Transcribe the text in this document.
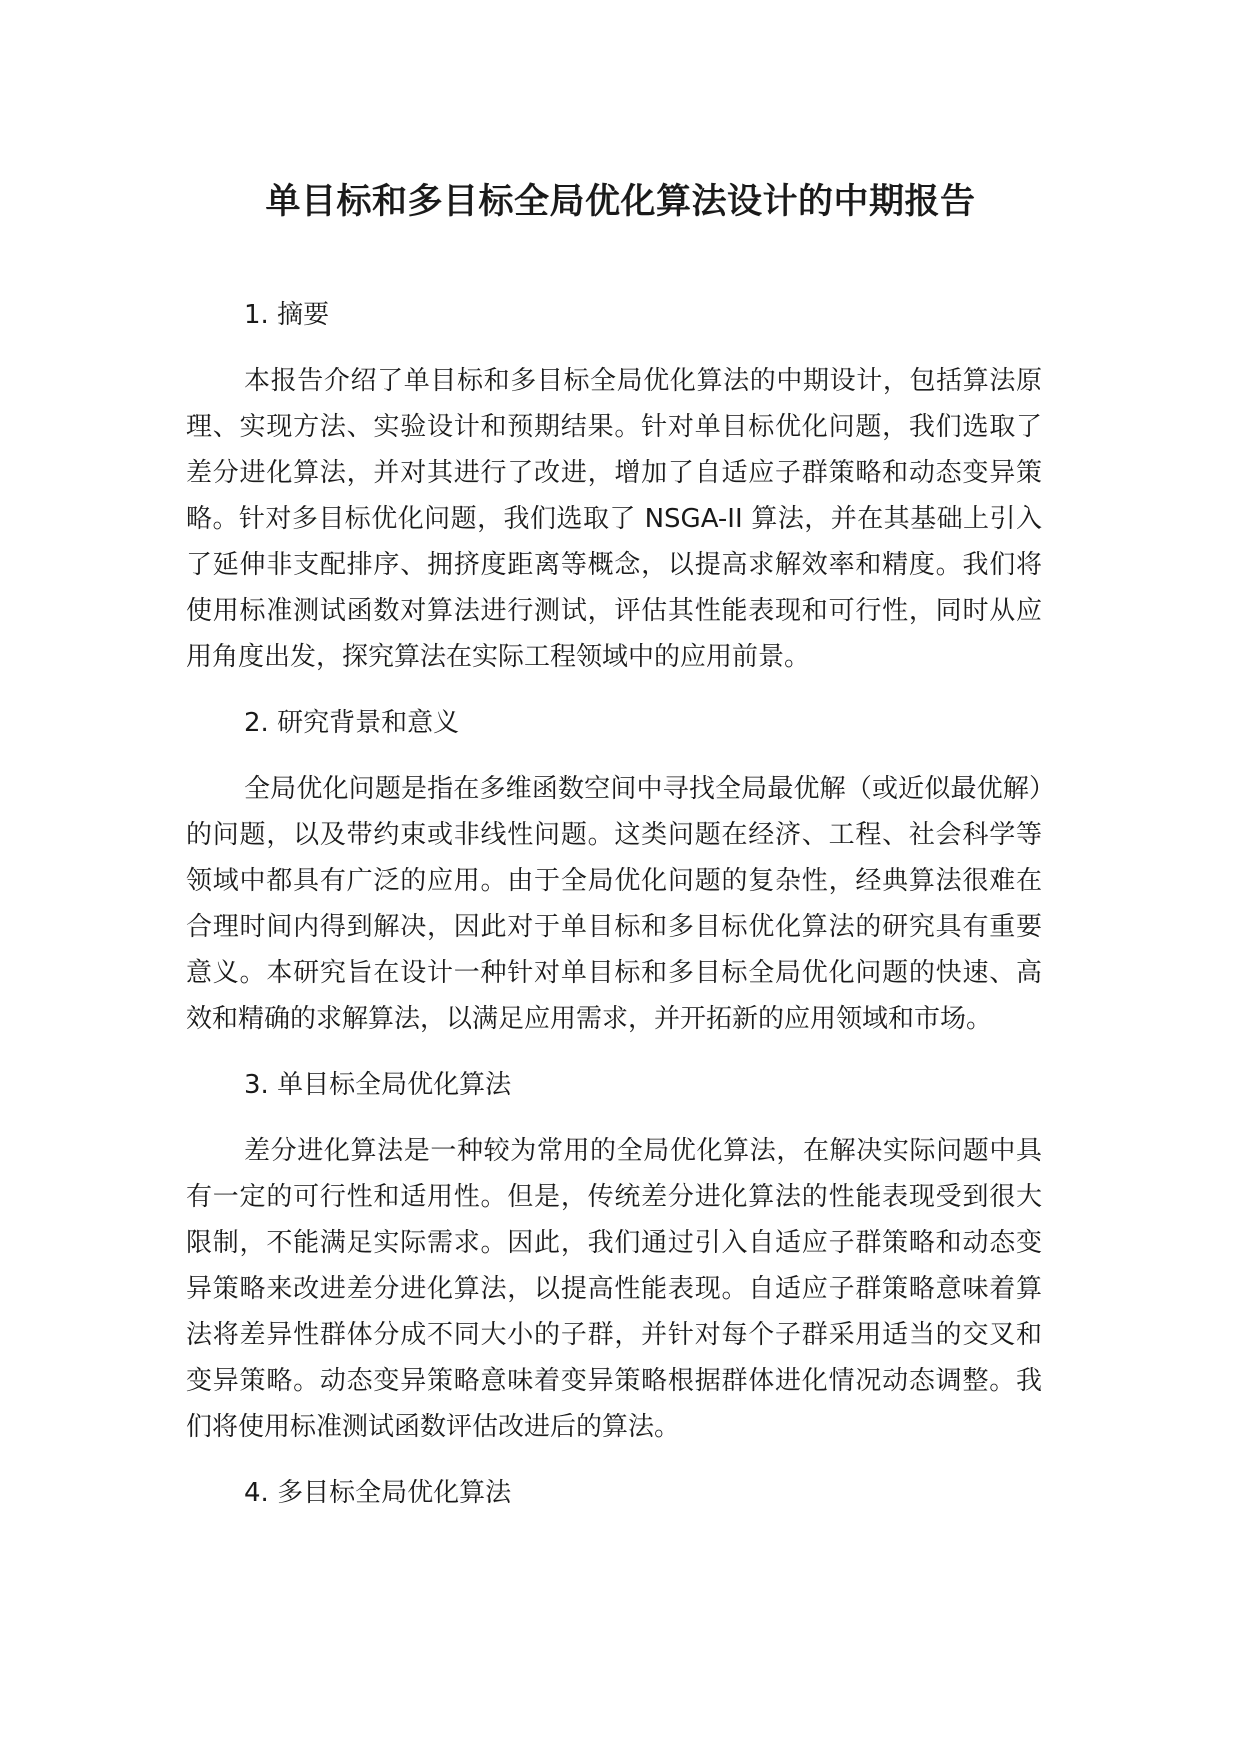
单目标和多目标全局优化算法设计的中期报告

1. 摘要

本报告介绍了单目标和多目标全局优化算法的中期设计，包括算法原理、实现方法、实验设计和预期结果。针对单目标优化问题，我们选取了差分进化算法，并对其进行了改进，增加了自适应子群策略和动态变异策略。针对多目标优化问题，我们选取了 NSGA-II 算法，并在其基础上引入了延伸非支配排序、拥挤度距离等概念，以提高求解效率和精度。我们将使用标准测试函数对算法进行测试，评估其性能表现和可行性，同时从应用角度出发，探究算法在实际工程领域中的应用前景。

2. 研究背景和意义

全局优化问题是指在多维函数空间中寻找全局最优解（或近似最优解）的问题，以及带约束或非线性问题。这类问题在经济、工程、社会科学等领域中都具有广泛的应用。由于全局优化问题的复杂性，经典算法很难在合理时间内得到解决，因此对于单目标和多目标优化算法的研究具有重要意义。本研究旨在设计一种针对单目标和多目标全局优化问题的快速、高效和精确的求解算法，以满足应用需求，并开拓新的应用领域和市场。

3. 单目标全局优化算法

差分进化算法是一种较为常用的全局优化算法，在解决实际问题中具有一定的可行性和适用性。但是，传统差分进化算法的性能表现受到很大限制，不能满足实际需求。因此，我们通过引入自适应子群策略和动态变异策略来改进差分进化算法，以提高性能表现。自适应子群策略意味着算法将差异性群体分成不同大小的子群，并针对每个子群采用适当的交叉和变异策略。动态变异策略意味着变异策略根据群体进化情况动态调整。我们将使用标准测试函数评估改进后的算法。

4. 多目标全局优化算法
